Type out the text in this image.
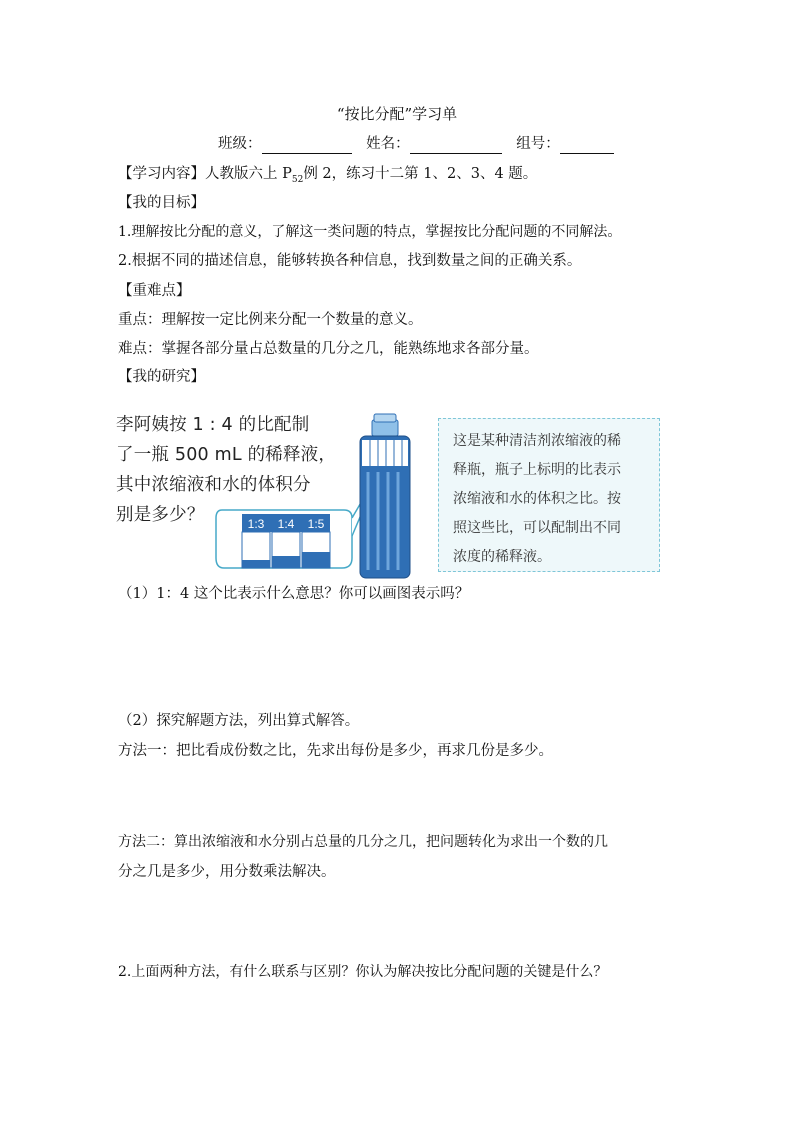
“按比分配”学习单
班级：	姓名：	组号：
【学习内容】人教版六上 $P_{52}$例 2，练习十二第 1、2、3、4 题。
【我的目标】
1.理解按比分配的意义，了解这一类问题的特点，掌握按比分配问题的不同解法。
2.根据不同的描述信息，能够转换各种信息，找到数量之间的正确关系。
【重难点】
重点：理解按一定比例来分配一个数量的意义。
难点：掌握各部分量占总数量的几分之几，能熟练地求各部分量。
【我的研究】
李阿姨按 1 : 4 的比配制
了一瓶 500 mL 的稀释液，
其中浓缩液和水的体积分
别是多少？	1:3 1:4 1:5
这是某种清洁剂浓缩液的稀
释瓶，瓶子上标明的比表示
浓缩液和水的体积之比。按
照这些比，可以配制出不同
浓度的稀释液。
（1）1：4 这个比表示什么意思？你可以画图表示吗？
（2）探究解题方法，列出算式解答。
方法一：把比看成份数之比，先求出每份是多少，再求几份是多少。
方法二：算出浓缩液和水分别占总量的几分之几，把问题转化为求出一个数的几
分之几是多少，用分数乘法解决。
2.上面两种方法，有什么联系与区别？你认为解决按比分配问题的关键是什么？
